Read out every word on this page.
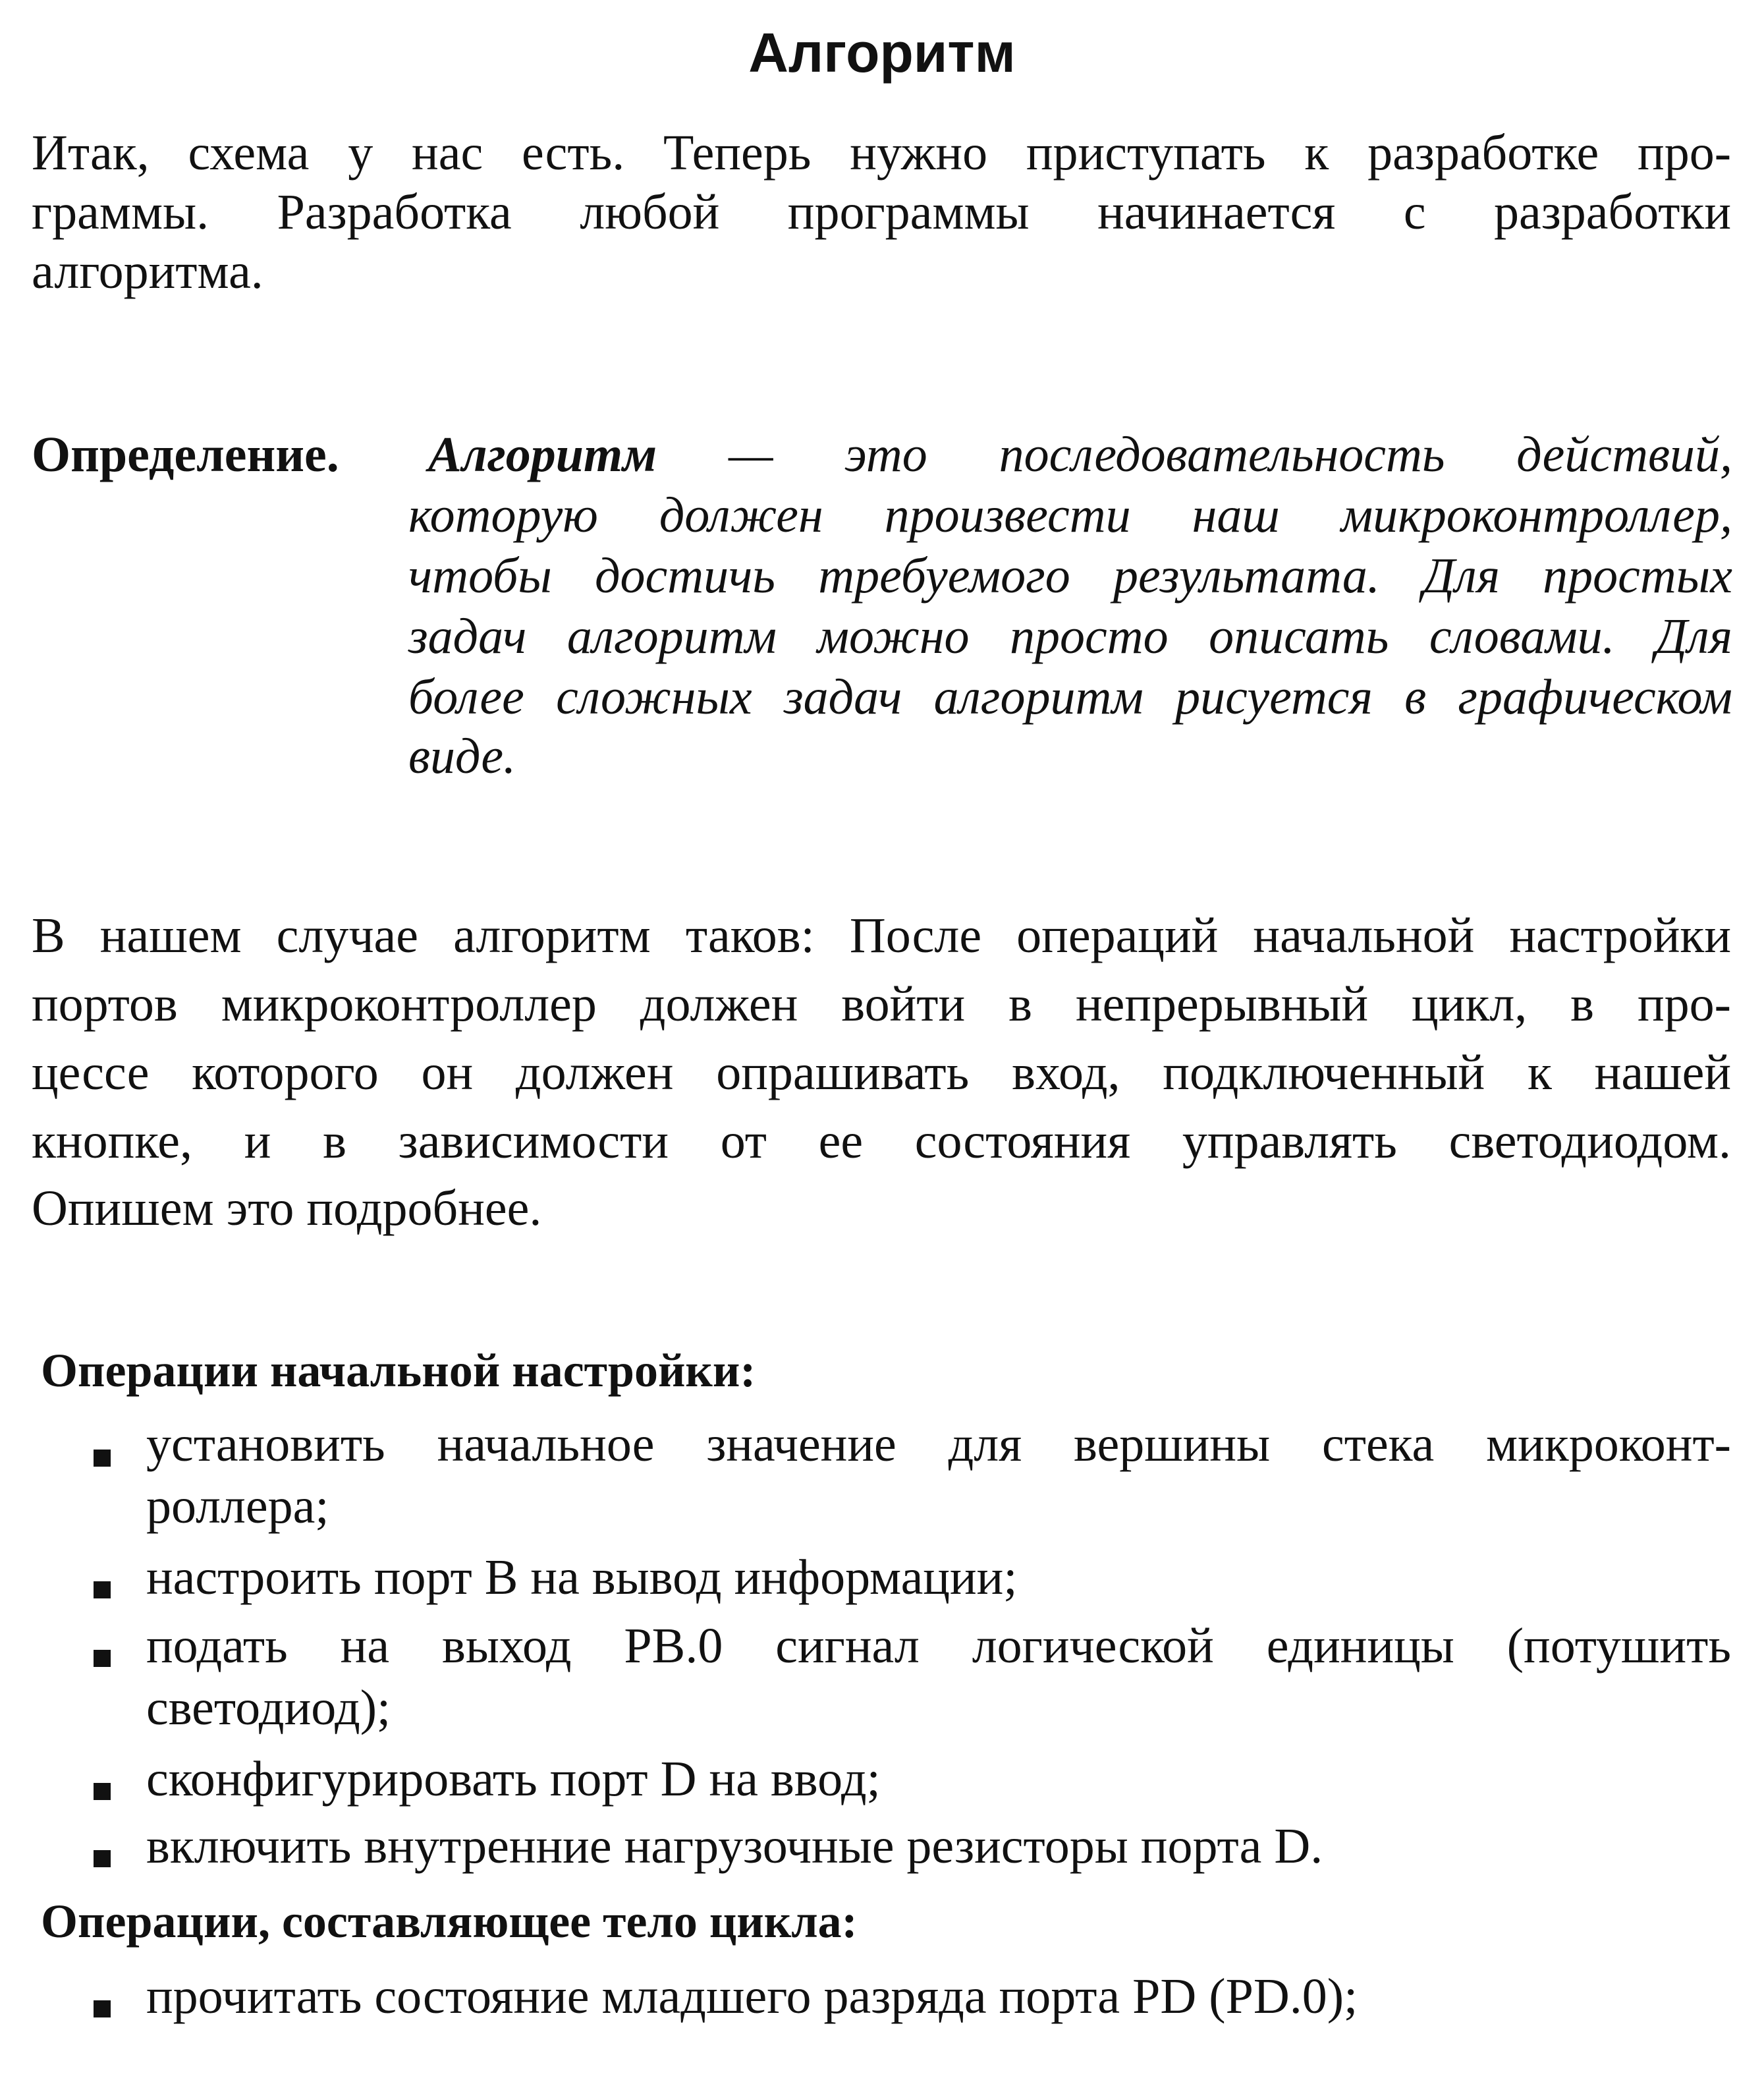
Алгоритм
Итак, схема у нас есть. Теперь нужно приступать к разработке про-
граммы. Разработка любой программы начинается с разработки
алгоритма.
Определение. Алгоритм — это последовательность действий,
которую должен произвести наш микроконтроллер,
чтобы достичь требуемого результата. Для простых
задач алгоритм можно просто описать словами. Для
более сложных задач алгоритм рисуется в графическом
виде.
В нашем случае алгоритм таков: После операций начальной настройки
портов микроконтроллер должен войти в непрерывный цикл, в про-
цессе которого он должен опрашивать вход, подключенный к нашей
кнопке, и в зависимости от ее состояния управлять светодиодом.
Опишем это подробнее.
Операции начальной настройки:
установить начальное значение для вершины стека микроконт-
роллера;
настроить порт В на вывод информации;
подать на выход PB.0 сигнал логической единицы (потушить
светодиод);
сконфигурировать порт D на ввод;
включить внутренние нагрузочные резисторы порта D.
Операции, составляющее тело цикла:
прочитать состояние младшего разряда порта PD (PD.0);
